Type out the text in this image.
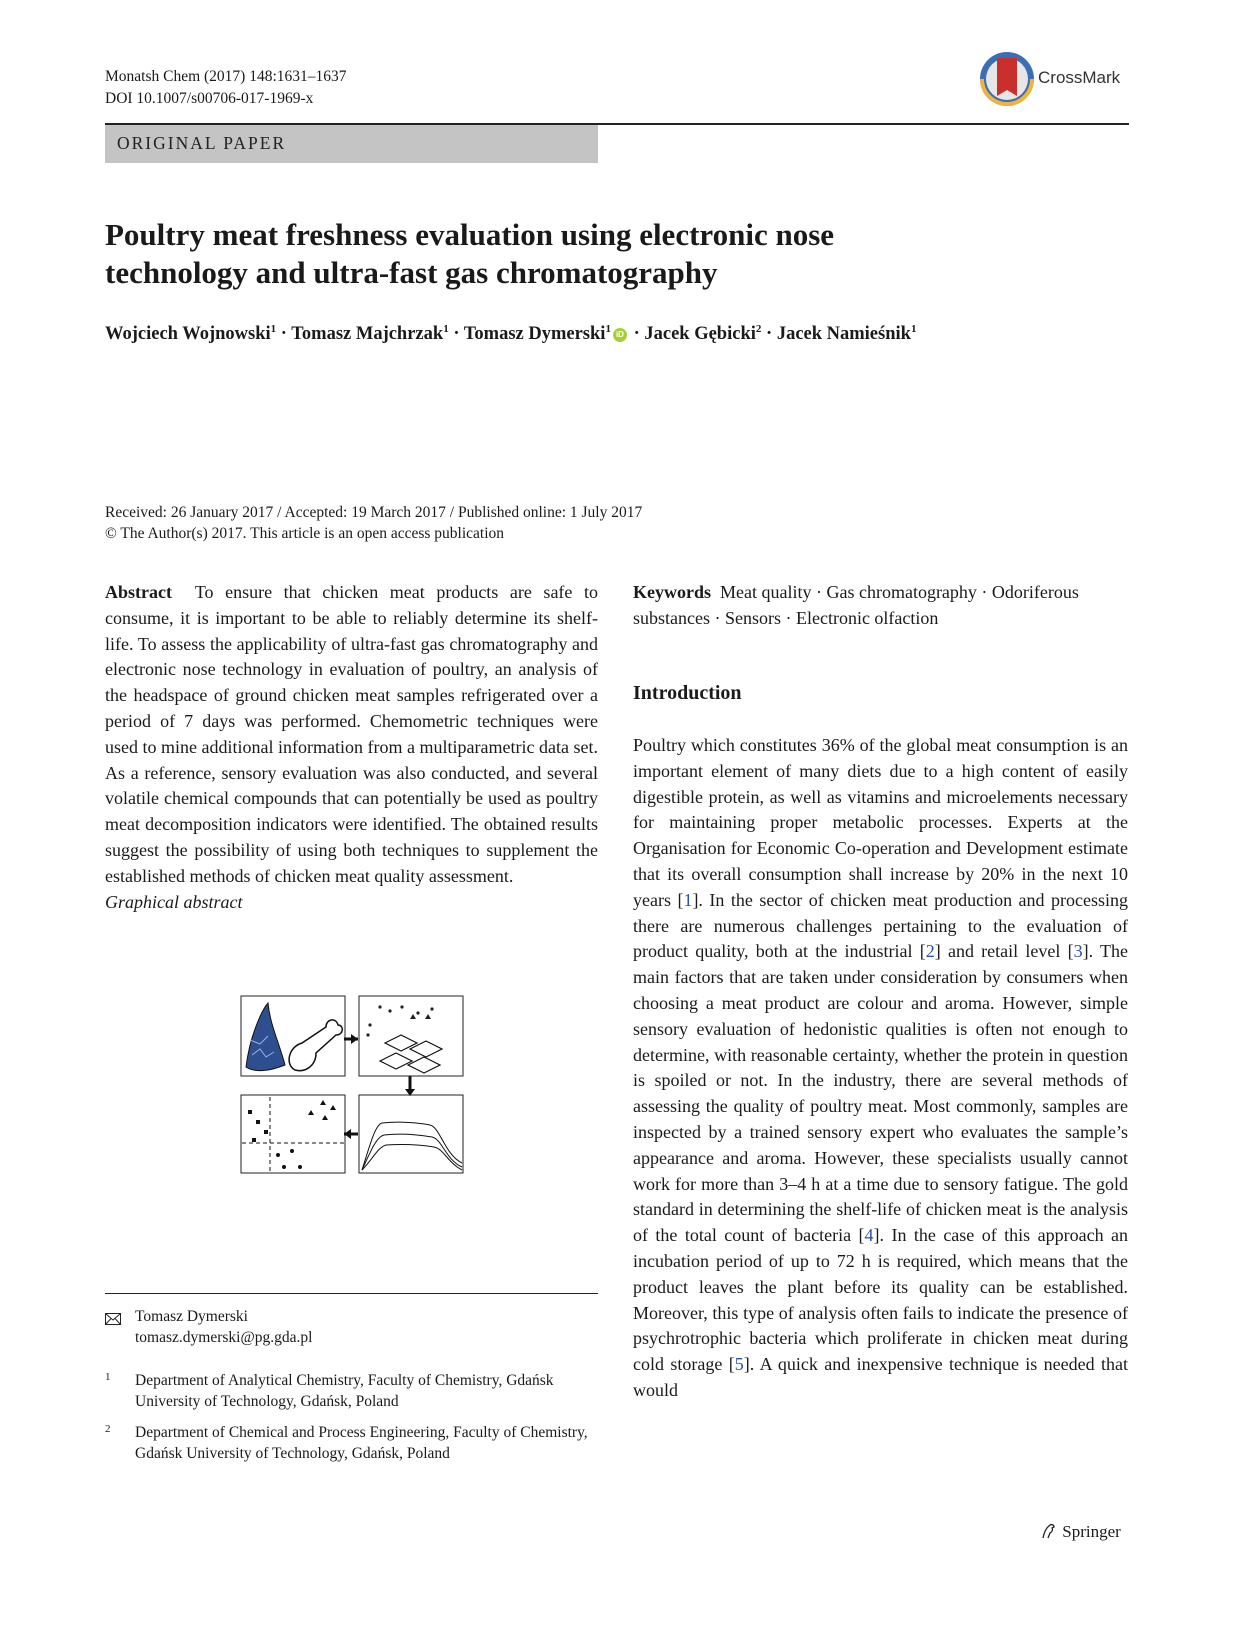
Monatsh Chem (2017) 148:1631–1637
DOI 10.1007/s00706-017-1969-x
CrossMark
ORIGINAL PAPER
Poultry meat freshness evaluation using electronic nose
technology and ultra-fast gas chromatography
Wojciech Wojnowski$^1$ · Tomasz Majchrzak$^1$ · Tomasz Dymerski$^1$ iD · Jacek Gębicki$^2$ · Jacek Namieśnik$^1$
Received: 26 January 2017 / Accepted: 19 March 2017 / Published online: 1 July 2017
© The Author(s) 2017. This article is an open access publication
Abstract To ensure that chicken meat products are safe to consume, it is important to be able to reliably determine its shelf-life. To assess the applicability of ultra-fast gas chromatography and electronic nose technology in evaluation of poultry, an analysis of the headspace of ground chicken meat samples refrigerated over a period of 7 days was performed. Chemometric techniques were used to mine additional information from a multiparametric data set. As a reference, sensory evaluation was also conducted, and several volatile chemical compounds that can potentially be used as poultry meat decomposition indicators were identified. The obtained results suggest the possibility of using both techniques to supplement the established methods of chicken meat quality assessment.
Graphical abstract
Tomasz Dymerski
tomasz.dymerski@pg.gda.pl
1 Department of Analytical Chemistry, Faculty of Chemistry, Gdańsk University of Technology, Gdańsk, Poland
2 Department of Chemical and Process Engineering, Faculty of Chemistry, Gdańsk University of Technology, Gdańsk, Poland
Keywords Meat quality · Gas chromatography · Odoriferous substances · Sensors · Electronic olfaction
Introduction
Poultry which constitutes 36% of the global meat consumption is an important element of many diets due to a high content of easily digestible protein, as well as vitamins and microelements necessary for maintaining proper metabolic processes. Experts at the Organisation for Economic Co-operation and Development estimate that its overall consumption shall increase by 20% in the next 10 years [1]. In the sector of chicken meat production and processing there are numerous challenges pertaining to the evaluation of product quality, both at the industrial [2] and retail level [3]. The main factors that are taken under consideration by consumers when choosing a meat product are colour and aroma. However, simple sensory evaluation of hedonistic qualities is often not enough to determine, with reasonable certainty, whether the protein in question is spoiled or not. In the industry, there are several methods of assessing the quality of poultry meat. Most commonly, samples are inspected by a trained sensory expert who evaluates the sample’s appearance and aroma. However, these specialists usually cannot work for more than 3–4 h at a time due to sensory fatigue. The gold standard in determining the shelf-life of chicken meat is the analysis of the total count of bacteria [4]. In the case of this approach an incubation period of up to 72 h is required, which means that the product leaves the plant before its quality can be established. Moreover, this type of analysis often fails to indicate the presence of psychrotrophic bacteria which proliferate in chicken meat during cold storage [5]. A quick and inexpensive technique is needed that would
Springer
